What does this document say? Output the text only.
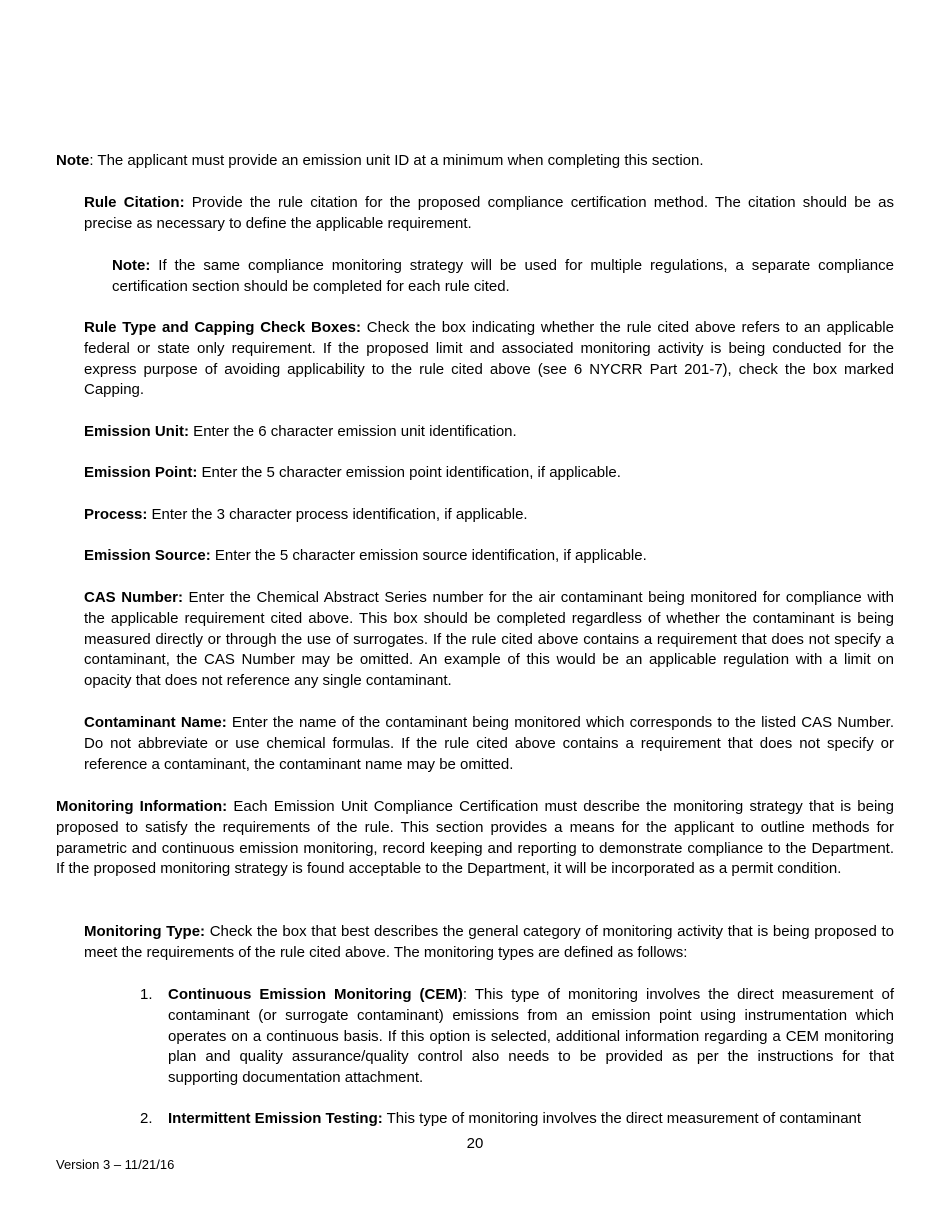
Note: The applicant must provide an emission unit ID at a minimum when completing this section.

Rule Citation: Provide the rule citation for the proposed compliance certification method. The citation should be as precise as necessary to define the applicable requirement.

Note: If the same compliance monitoring strategy will be used for multiple regulations, a separate compliance certification section should be completed for each rule cited.

Rule Type and Capping Check Boxes: Check the box indicating whether the rule cited above refers to an applicable federal or state only requirement. If the proposed limit and associated monitoring activity is being conducted for the express purpose of avoiding applicability to the rule cited above (see 6 NYCRR Part 201-7), check the box marked Capping.

Emission Unit: Enter the 6 character emission unit identification.

Emission Point: Enter the 5 character emission point identification, if applicable.

Process: Enter the 3 character process identification, if applicable.

Emission Source: Enter the 5 character emission source identification, if applicable.

CAS Number: Enter the Chemical Abstract Series number for the air contaminant being monitored for compliance with the applicable requirement cited above. This box should be completed regardless of whether the contaminant is being measured directly or through the use of surrogates. If the rule cited above contains a requirement that does not specify a contaminant, the CAS Number may be omitted. An example of this would be an applicable regulation with a limit on opacity that does not reference any single contaminant.

Contaminant Name: Enter the name of the contaminant being monitored which corresponds to the listed CAS Number. Do not abbreviate or use chemical formulas. If the rule cited above contains a requirement that does not specify or reference a contaminant, the contaminant name may be omitted.

Monitoring Information: Each Emission Unit Compliance Certification must describe the monitoring strategy that is being proposed to satisfy the requirements of the rule. This section provides a means for the applicant to outline methods for parametric and continuous emission monitoring, record keeping and reporting to demonstrate compliance to the Department. If the proposed monitoring strategy is found acceptable to the Department, it will be incorporated as a permit condition.

Monitoring Type: Check the box that best describes the general category of monitoring activity that is being proposed to meet the requirements of the rule cited above. The monitoring types are defined as follows:

1.	Continuous Emission Monitoring (CEM): This type of monitoring involves the direct measurement of contaminant (or surrogate contaminant) emissions from an emission point using instrumentation which operates on a continuous basis. If this option is selected, additional information regarding a CEM monitoring plan and quality assurance/quality control also needs to be provided as per the instructions for that supporting documentation attachment.
2.	Intermittent Emission Testing: This type of monitoring involves the direct measurement of contaminant
20
Version 3 – 11/21/16
